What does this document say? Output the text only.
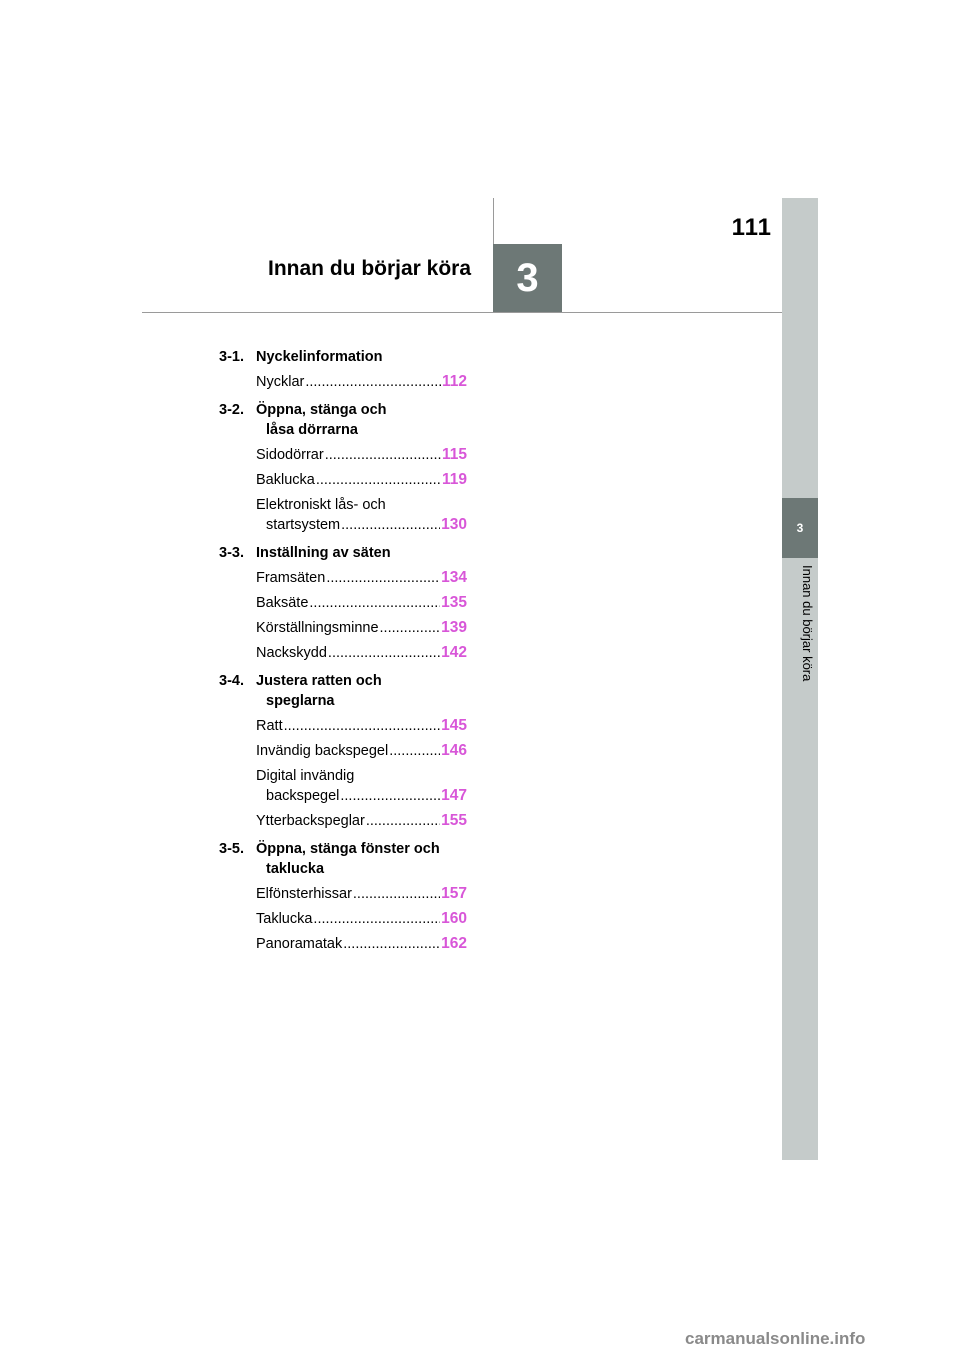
111
Innan du börjar köra	3
3
Innan du börjar köra
3-1. Nyckelinformation
Nycklar .....	112
3-2. Öppna, stänga och
låsa dörrarna
Sidodörrar .....	115
Baklucka .....	119
Elektroniskt lås- och
startsystem .....	130
3-3. Inställning av säten
Framsäten .....	134
Baksäte .....	135
Körställningsminne .....	139
Nackskydd .....	142
3-4. Justera ratten och
speglarna
Ratt .....	145
Invändig backspegel .....	146
Digital invändig
backspegel .....	147
Ytterbackspeglar .....	155
3-5. Öppna, stänga fönster och
taklucka
Elfönsterhissar .....	157
Taklucka .....	160
Panoramatak .....	162
carmanualsonline.info
